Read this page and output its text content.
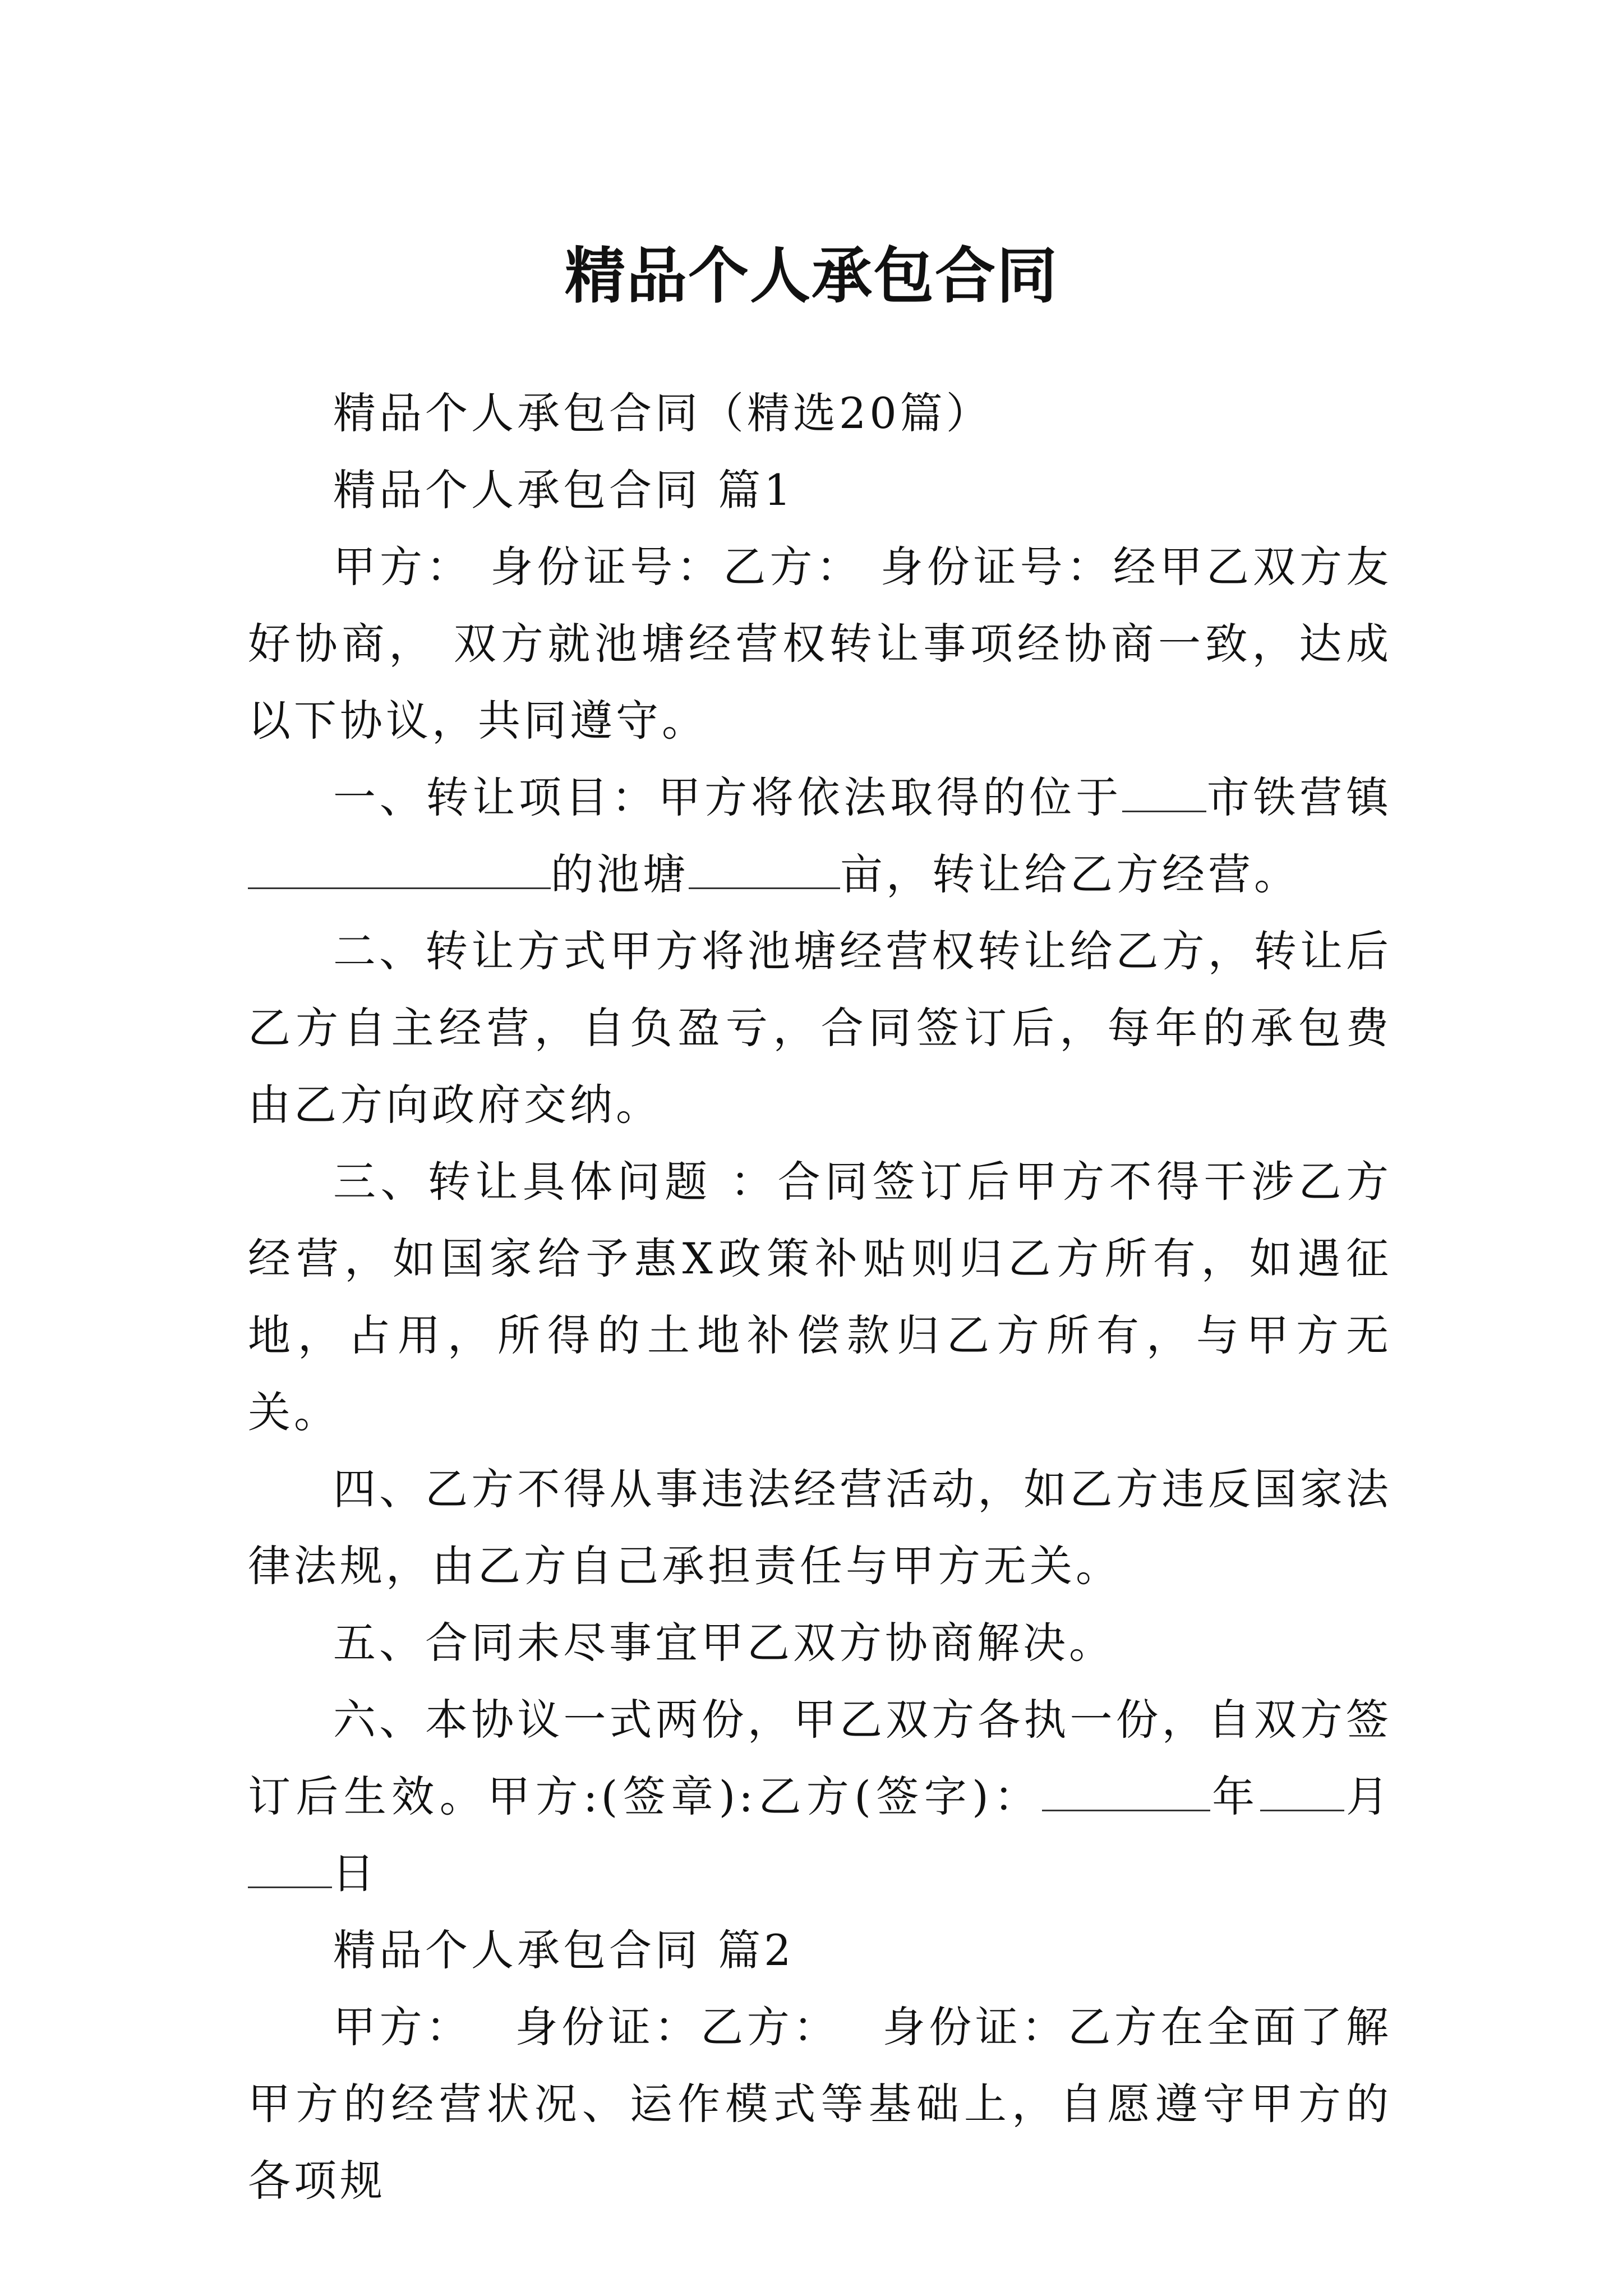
精品个人承包合同

精品个人承包合同（精选20篇）

精品个人承包合同 篇1

甲方： 身份证号：乙方： 身份证号：经甲乙双方友好协商， 双方就池塘经营权转让事项经协商一致，达成以下协议，共同遵守。

一、转让项目：甲方将依法取得的位于 市铁营镇的池塘	亩，转让给乙方经营。

二、转让方式甲方将池塘经营权转让给乙方，转让后乙方自主经营，自负盈亏，合同签订后，每年的承包费由乙方向政府交纳。

三、转让具体问题 ：合同签订后甲方不得干涉乙方经营，如国家给予惠X政策补贴则归乙方所有，如遇征地，占用，所得的土地补偿款归乙方所有，与甲方无关。

四、乙方不得从事违法经营活动，如乙方违反国家法律法规，由乙方自己承担责任与甲方无关。

五、合同未尽事宜甲乙双方协商解决。

六、本协议一式两份，甲乙双方各执一份，自双方签订后生效。甲方:(签章):乙方(签字)：	年 月日

精品个人承包合同 篇2

甲方： 身份证：乙方： 身份证：乙方在全面了解甲方的经营状况、运作模式等基础上，自愿遵守甲方的各项规
